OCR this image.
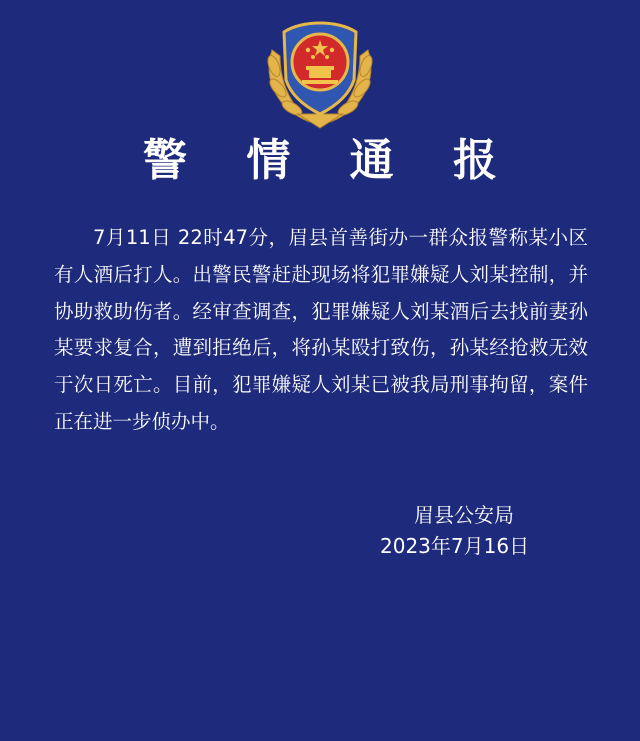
警 情 通 报

7月11日 22时47分，眉县首善街办一群众报警称某小区有人酒后打人。出警民警赶赴现场将犯罪嫌疑人刘某控制，并协助救助伤者。经审查调查，犯罪嫌疑人刘某酒后去找前妻孙某要求复合，遭到拒绝后，将孙某殴打致伤，孙某经抢救无效于次日死亡。目前，犯罪嫌疑人刘某已被我局刑事拘留，案件正在进一步侦办中。

眉县公安局
2023年7月16日
